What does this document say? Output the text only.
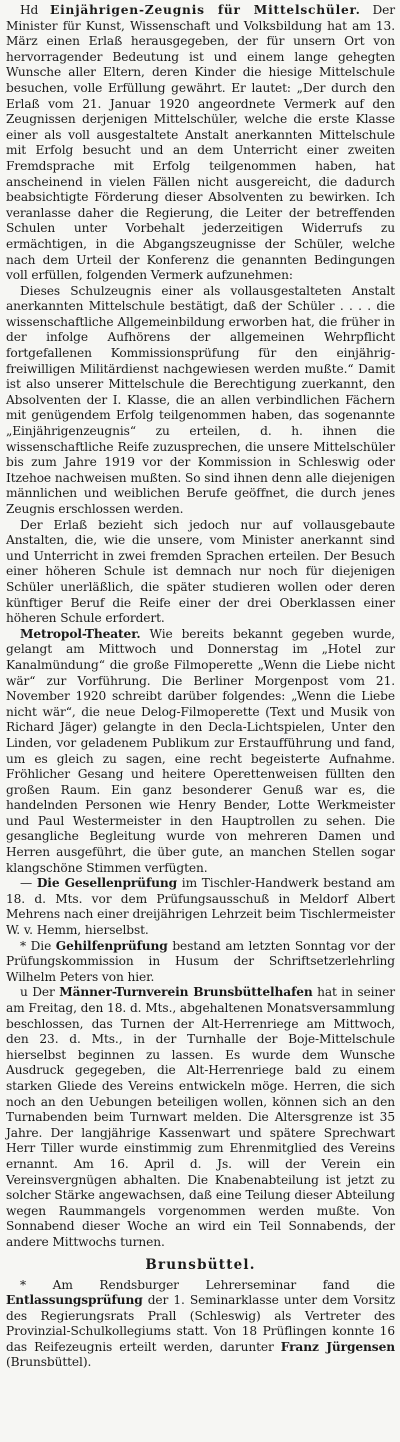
Hd Einjährigen-Zeugnis für Mittelschüler. Der Minister für Kunst, Wissenschaft und Volksbildung hat am 13. März einen Erlaß herausgegeben, der für unsern Ort von hervorragender Bedeutung ist und einem lange gehegten Wunsche aller Eltern, deren Kinder die hiesige Mittelschule besuchen, volle Erfüllung gewährt. Er lautet: „Der durch den Erlaß vom 21. Januar 1920 angeordnete Vermerk auf den Zeugnissen derjenigen Mittelschüler, welche die erste Klasse einer als voll ausgestaltete Anstalt anerkannten Mittelschule mit Erfolg besucht und an dem Unterricht einer zweiten Fremdsprache mit Erfolg teilgenommen haben, hat anscheinend in vielen Fällen nicht ausgereicht, die dadurch beabsichtigte Förderung dieser Absolventen zu bewirken. Ich veranlasse daher die Regierung, die Leiter der betreffenden Schulen unter Vorbehalt jederzeitigen Widerrufs zu ermächtigen, in die Abgangszeugnisse der Schüler, welche nach dem Urteil der Konferenz die genannten Bedingungen voll erfüllen, folgenden Vermerk aufzunehmen:

Dieses Schulzeugnis einer als vollausgestalteten Anstalt anerkannten Mittelschule bestätigt, daß der Schüler . . . . die wissenschaftliche Allgemeinbildung erworben hat, die früher in der infolge Aufhörens der allgemeinen Wehrpflicht fortgefallenen Kommissionsprüfung für den einjährig-freiwilligen Militärdienst nachgewiesen werden mußte.“ Damit ist also unserer Mittelschule die Berechtigung zuerkannt, den Absolventen der I. Klasse, die an allen verbindlichen Fächern mit genügendem Erfolg teilgenommen haben, das sogenannte „Einjährigenzeugnis“ zu erteilen, d. h. ihnen die wissenschaftliche Reife zuzusprechen, die unsere Mittelschüler bis zum Jahre 1919 vor der Kommission in Schleswig oder Itzehoe nachweisen mußten. So sind ihnen denn alle diejenigen männlichen und weiblichen Berufe geöffnet, die durch jenes Zeugnis erschlossen werden.

Der Erlaß bezieht sich jedoch nur auf vollausgebaute Anstalten, die, wie die unsere, vom Minister anerkannt sind und Unterricht in zwei fremden Sprachen erteilen. Der Besuch einer höheren Schule ist demnach nur noch für diejenigen Schüler unerläßlich, die später studieren wollen oder deren künftiger Beruf die Reife einer der drei Oberklassen einer höheren Schule erfordert.

Metropol-Theater. Wie bereits bekannt gegeben wurde, gelangt am Mittwoch und Donnerstag im „Hotel zur Kanalmündung“ die große Filmoperette „Wenn die Liebe nicht wär“ zur Vorführung. Die Berliner Morgenpost vom 21. November 1920 schreibt darüber folgendes: „Wenn die Liebe nicht wär“, die neue Delog-Filmoperette (Text und Musik von Richard Jäger) gelangte in den Decla-Lichtspielen, Unter den Linden, vor geladenem Publikum zur Erstaufführung und fand, um es gleich zu sagen, eine recht begeisterte Aufnahme. Fröhlicher Gesang und heitere Operettenweisen füllten den großen Raum. Ein ganz besonderer Genuß war es, die handelnden Personen wie Henry Bender, Lotte Werkmeister und Paul Westermeister in den Hauptrollen zu sehen. Die gesangliche Begleitung wurde von mehreren Damen und Herren ausgeführt, die über gute, an manchen Stellen sogar klangschöne Stimmen verfügten.

— Die Gesellenprüfung im Tischler-Handwerk bestand am 18. d. Mts. vor dem Prüfungsausschuß in Meldorf Albert Mehrens nach einer dreijährigen Lehrzeit beim Tischlermeister W. v. Hemm, hierselbst.

* Die Gehilfenprüfung bestand am letzten Sonntag vor der Prüfungskommission in Husum der Schriftsetzerlehrling Wilhelm Peters von hier.

u Der Männer-Turnverein Brunsbüttelhafen hat in seiner am Freitag, den 18. d. Mts., abgehaltenen Monatsversammlung beschlossen, das Turnen der Alt-Herrenriege am Mittwoch, den 23. d. Mts., in der Turnhalle der Boje-Mittelschule hierselbst beginnen zu lassen. Es wurde dem Wunsche Ausdruck gegegeben, die Alt-Herrenriege bald zu einem starken Gliede des Vereins entwickeln möge. Herren, die sich noch an den Uebungen beteiligen wollen, können sich an den Turnabenden beim Turnwart melden. Die Altersgrenze ist 35 Jahre. Der langjährige Kassenwart und spätere Sprechwart Herr Tiller wurde einstimmig zum Ehrenmitglied des Vereins ernannt. Am 16. April d. Js. will der Verein ein Vereinsvergnügen abhalten. Die Knabenabteilung ist jetzt zu solcher Stärke angewachsen, daß eine Teilung dieser Abteilung wegen Raummangels vorgenommen werden mußte. Von Sonnabend dieser Woche an wird ein Teil Sonnabends, der andere Mittwochs turnen.

Brunsbüttel.

* Am Rendsburger Lehrerseminar fand die Entlassungsprüfung der 1. Seminarklasse unter dem Vorsitz des Regierungsrats Prall (Schleswig) als Vertreter des Provinzial-Schulkollegiums statt. Von 18 Prüflingen konnte 16 das Reifezeugnis erteilt werden, darunter Franz Jürgensen (Brunsbüttel).
